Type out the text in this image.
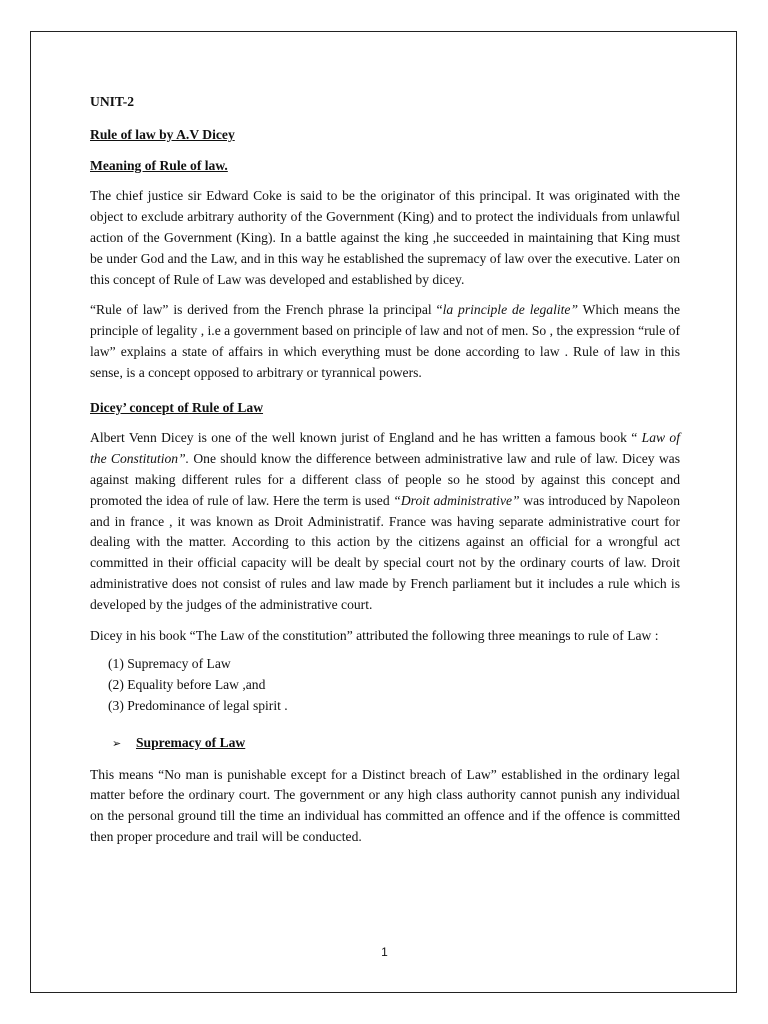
UNIT-2
Rule of law by A.V Dicey
Meaning of Rule of law.

The chief justice sir Edward Coke is said to be the originator of this principal. It was originated with the object to exclude arbitrary authority of the Government (King) and to protect the individuals from unlawful action of the Government (King). In a battle against the king ,he succeeded in maintaining that King must be under God and the Law, and in this way he established the supremacy of law over the executive. Later on this concept of Rule of Law was developed and established by dicey.

“Rule of law” is derived from the French phrase la principal “la principle de legalite” Which means the principle of legality , i.e a government based on principle of law and not of men. So , the expression “rule of law” explains a state of affairs in which everything must be done according to law . Rule of law in this sense, is a concept opposed to arbitrary or tyrannical powers.

Dicey’ concept of Rule of Law

Albert Venn Dicey is one of the well known jurist of England and he has written a famous book “ Law of the Constitution”. One should know the difference between administrative law and rule of law. Dicey was against making different rules for a different class of people so he stood by against this concept and promoted the idea of rule of law. Here the term is used “Droit administrative” was introduced by Napoleon and in france , it was known as Droit Administratif. France was having separate administrative court for dealing with the matter. According to this action by the citizens against an official for a wrongful act committed in their official capacity will be dealt by special court not by the ordinary courts of law. Droit administrative does not consist of rules and law made by French parliament but it includes a rule which is developed by the judges of the administrative court.

Dicey in his book “The Law of the constitution” attributed the following three meanings to rule of Law :

(1) Supremacy of Law
(2) Equality before Law ,and
(3) Predominance of legal spirit .
➢ Supremacy of Law

This means “No man is punishable except for a Distinct breach of Law” established in the ordinary legal matter before the ordinary court. The government or any high class authority cannot punish any individual on the personal ground till the time an individual has committed an offence and if the offence is committed then proper procedure and trail will be conducted.

1
